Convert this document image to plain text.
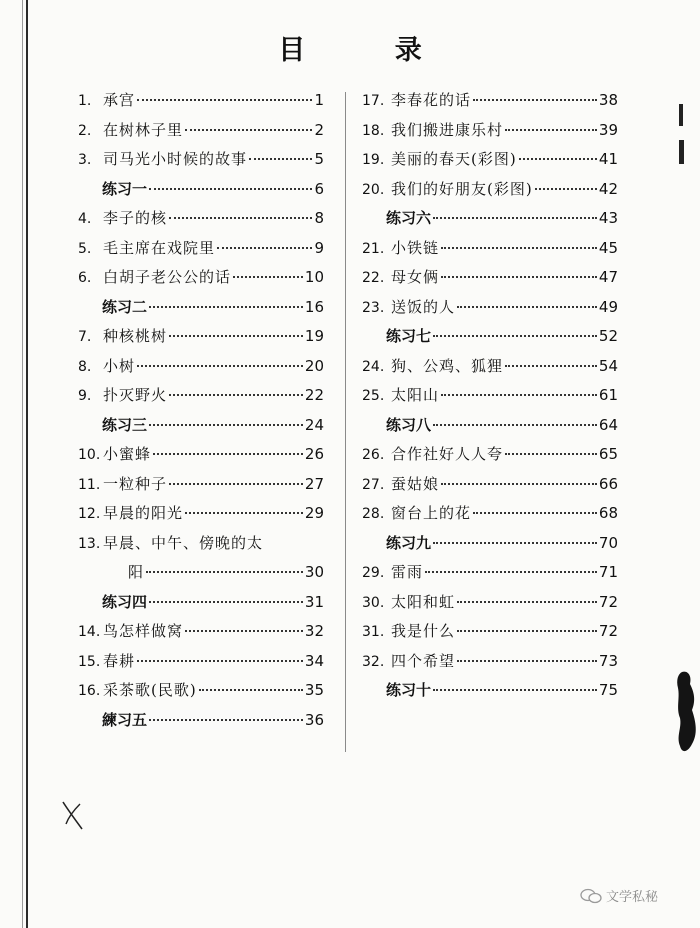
目 录
1. 承宫	1
2. 在树林子里	2
3. 司马光小时候的故事	5
练习一	6
4. 李子的核	8
5. 毛主席在戏院里	9
6. 白胡子老公公的话	10
练习二	16
7. 种核桃树	19
8. 小树	20
9. 扑灭野火	22
练习三	24
10. 小蜜蜂	26
11. 一粒种子	27
12. 早晨的阳光	29
13. 早晨、中午、傍晚的太
阳	30
练习四	31
14. 鸟怎样做窝	32
15. 春耕	34
16. 采茶歌(民歌)	35
練习五	36
17. 李春花的话	38
18. 我们搬进康乐村	39
19. 美丽的春天(彩图)	41
20. 我们的好朋友(彩图)	42
练习六	43
21. 小铁链	45
22. 母女俩	47
23. 送饭的人	49
练习七	52
24. 狗、公鸡、狐狸	54
25. 太阳山	61
练习八	64
26. 合作社好人人夸	65
27. 蚕姑娘	66
28. 窗台上的花	68
练习九	70
29. 雷雨	71
30. 太阳和虹	72
31. 我是什么	72
32. 四个希望	73
练习十	75
文学私秘
